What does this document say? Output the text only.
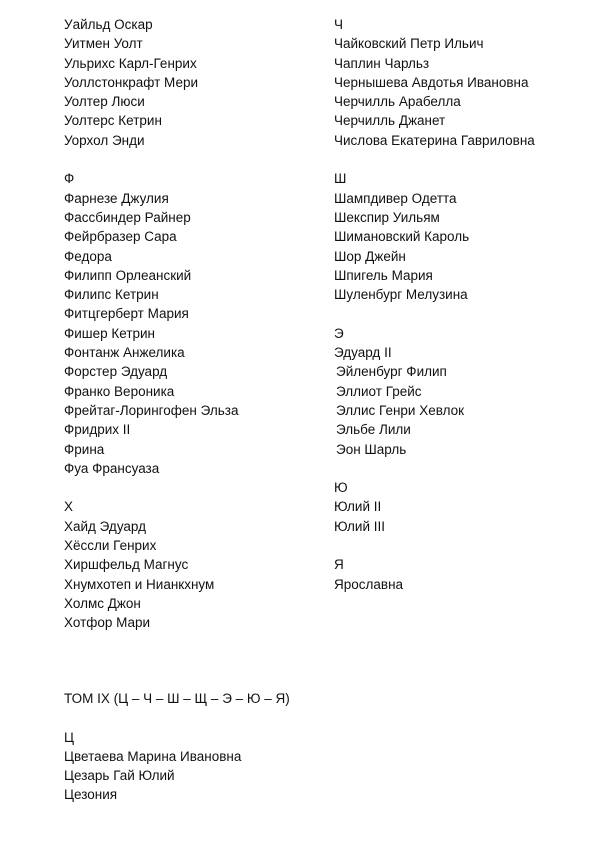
Уайльд Оскар
Уитмен Уолт
Ульрихс Карл-Генрих
Уоллстонкрафт Мери
Уолтер Люси
Уолтерс Кетрин
Уорхол Энди
Ф
Фарнезе Джулия
Фассбиндер Райнер
Фейрбразер Сара
Федора
Филипп Орлеанский
Филипс Кетрин
Фитцгерберт Мария
Фишер Кетрин
Фонтанж Анжелика
Форстер Эдуард
Франко Вероника
Фрейтаг-Лорингофен Эльза
Фридрих II
Фрина
Фуа Франсуаза
Х
Хайд Эдуард
Хёссли Генрих
Хиршфельд Магнус
Хнумхотеп и Нианкхнум
Холмс Джон
Хотфор Мари
Ч
Чайковский Петр Ильич
Чаплин Чарльз
Чернышева Авдотья Ивановна
Черчилль Арабелла
Черчилль Джанет
Числова Екатерина Гавриловна
Ш
Шампдивер Одетта
Шекспир Уильям
Шимановский Кароль
Шор Джейн
Шпигель Мария
Шуленбург Мелузина
Э
Эдуард II
Эйленбург Филип
Эллиот Грейс
Эллис Генри Хевлок
Эльбе Лили
Эон Шарль
Ю
Юлий II
Юлий III
Я
Ярославна
ТОМ IX (Ц – Ч – Ш – Щ – Э – Ю – Я)
Ц
Цветаева Марина Ивановна
Цезарь Гай Юлий
Цезония
